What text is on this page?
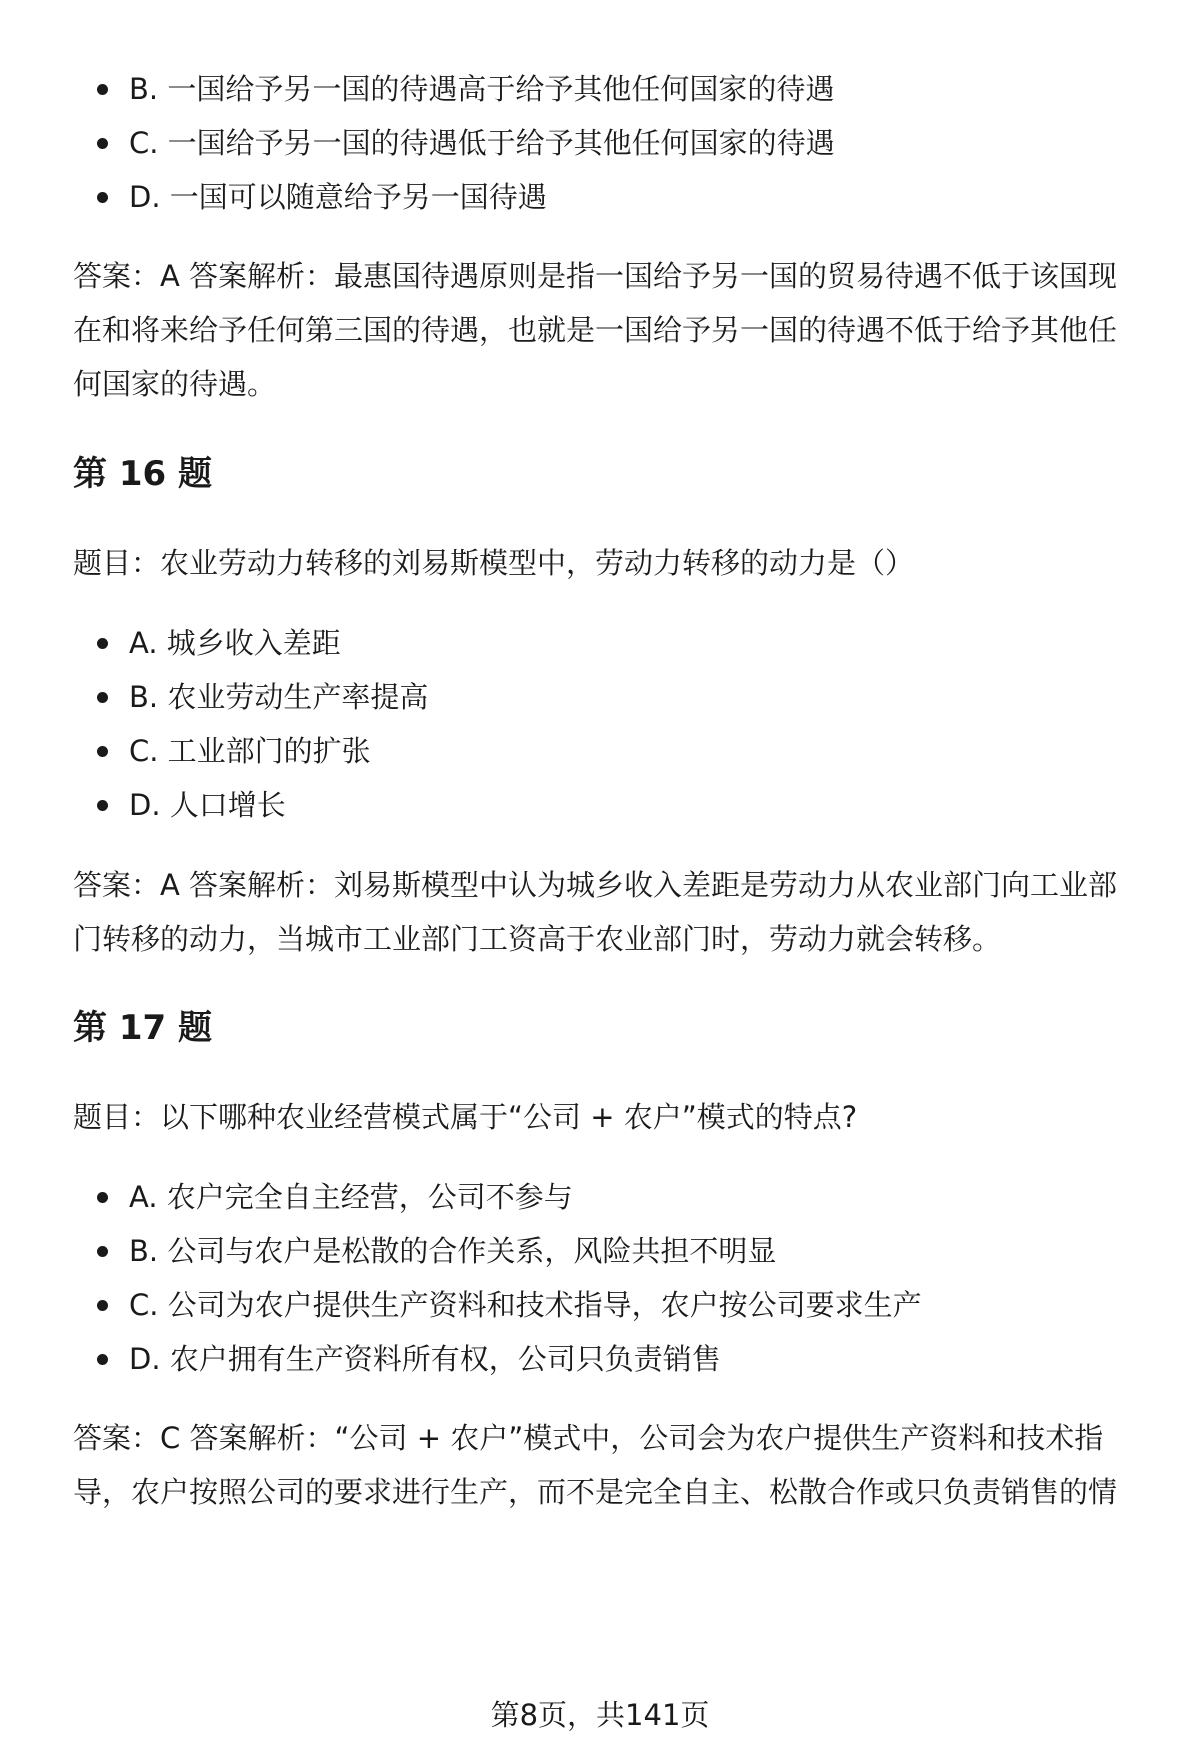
B. 一国给予另一国的待遇高于给予其他任何国家的待遇
C. 一国给予另一国的待遇低于给予其他任何国家的待遇
D. 一国可以随意给予另一国待遇

答案：A 答案解析：最惠国待遇原则是指一国给予另一国的贸易待遇不低于该国现

在和将来给予任何第三国的待遇，也就是一国给予另一国的待遇不低于给予其他任

何国家的待遇。

第 16 题

题目：农业劳动力转移的刘易斯模型中，劳动力转移的动力是（）

A. 城乡收入差距
B. 农业劳动生产率提高
C. 工业部门的扩张
D. 人口增长

答案：A 答案解析：刘易斯模型中认为城乡收入差距是劳动力从农业部门向工业部

门转移的动力，当城市工业部门工资高于农业部门时，劳动力就会转移。

第 17 题

题目：以下哪种农业经营模式属于“公司 + 农户”模式的特点?

A. 农户完全自主经营，公司不参与
B. 公司与农户是松散的合作关系，风险共担不明显
C. 公司为农户提供生产资料和技术指导，农户按公司要求生产
D. 农户拥有生产资料所有权，公司只负责销售

答案：C 答案解析：“公司 + 农户”模式中，公司会为农户提供生产资料和技术指

导，农户按照公司的要求进行生产，而不是完全自主、松散合作或只负责销售的情

第8页，共141页
